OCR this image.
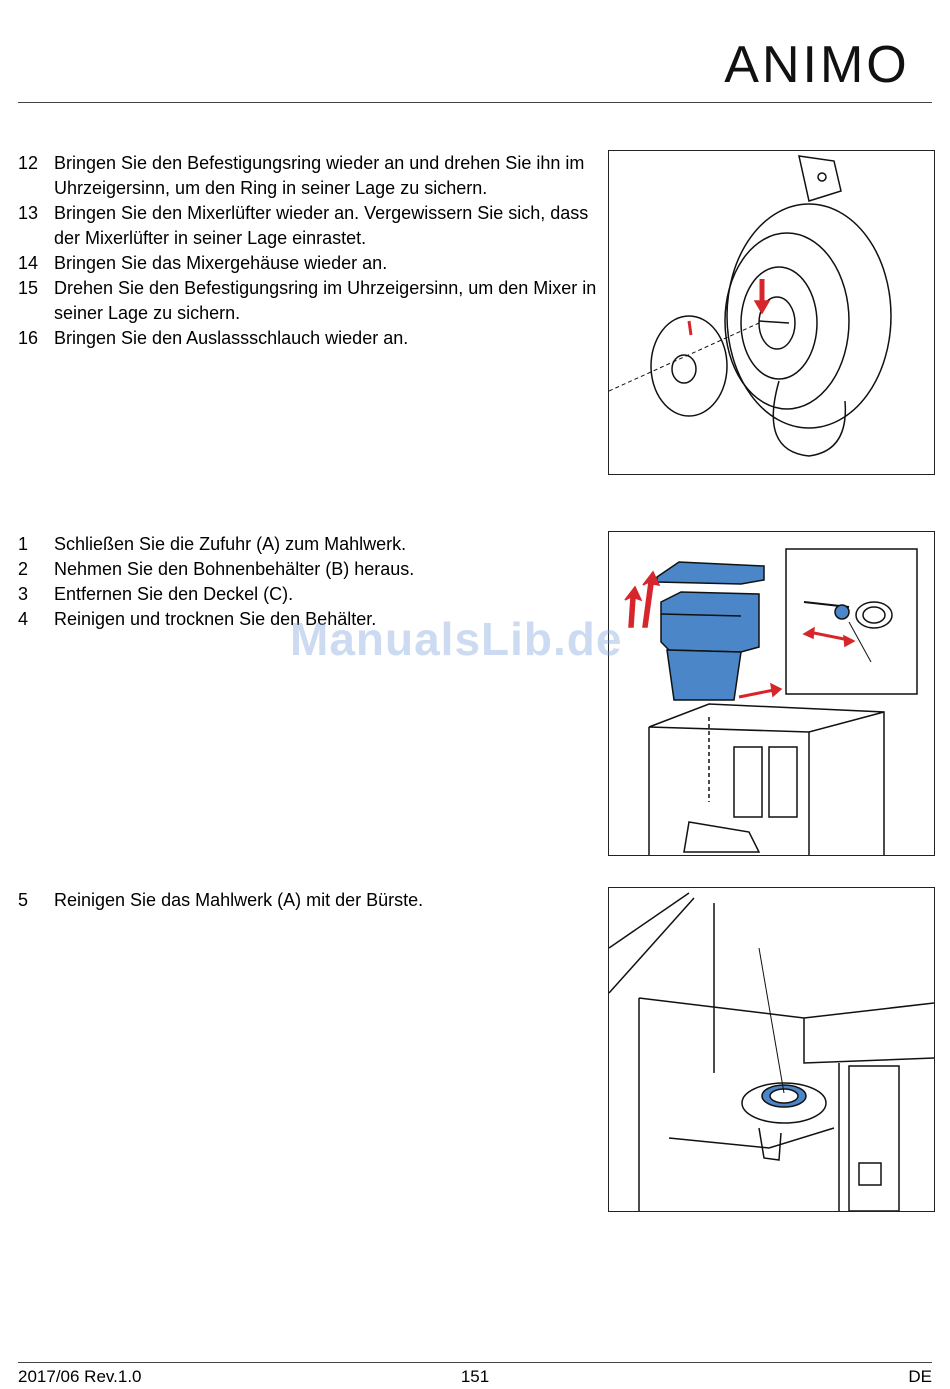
ANIMO
12 Bringen Sie den Befestigungsring wieder an und drehen Sie ihn im Uhrzeigersinn, um den Ring in seiner Lage zu sichern.
13 Bringen Sie den Mixerlüfter wieder an. Vergewissern Sie sich, dass der Mixerlüfter in seiner Lage einrastet.
14 Bringen Sie das Mixergehäuse wieder an.
15 Drehen Sie den Befestigungsring im Uhrzeigersinn, um den Mixer in seiner Lage zu sichern.
16 Bringen Sie den Auslassschlauch wieder an.
1	Schließen Sie die Zufuhr (A) zum Mahlwerk.
2	Nehmen Sie den Bohnenbehälter (B) heraus.
3	Entfernen Sie den Deckel (C).
4	Reinigen und trocknen Sie den Behälter.
ManualsLib.de
5	Reinigen Sie das Mahlwerk (A) mit der Bürste.
2017/06 Rev.1.0	151	DE
